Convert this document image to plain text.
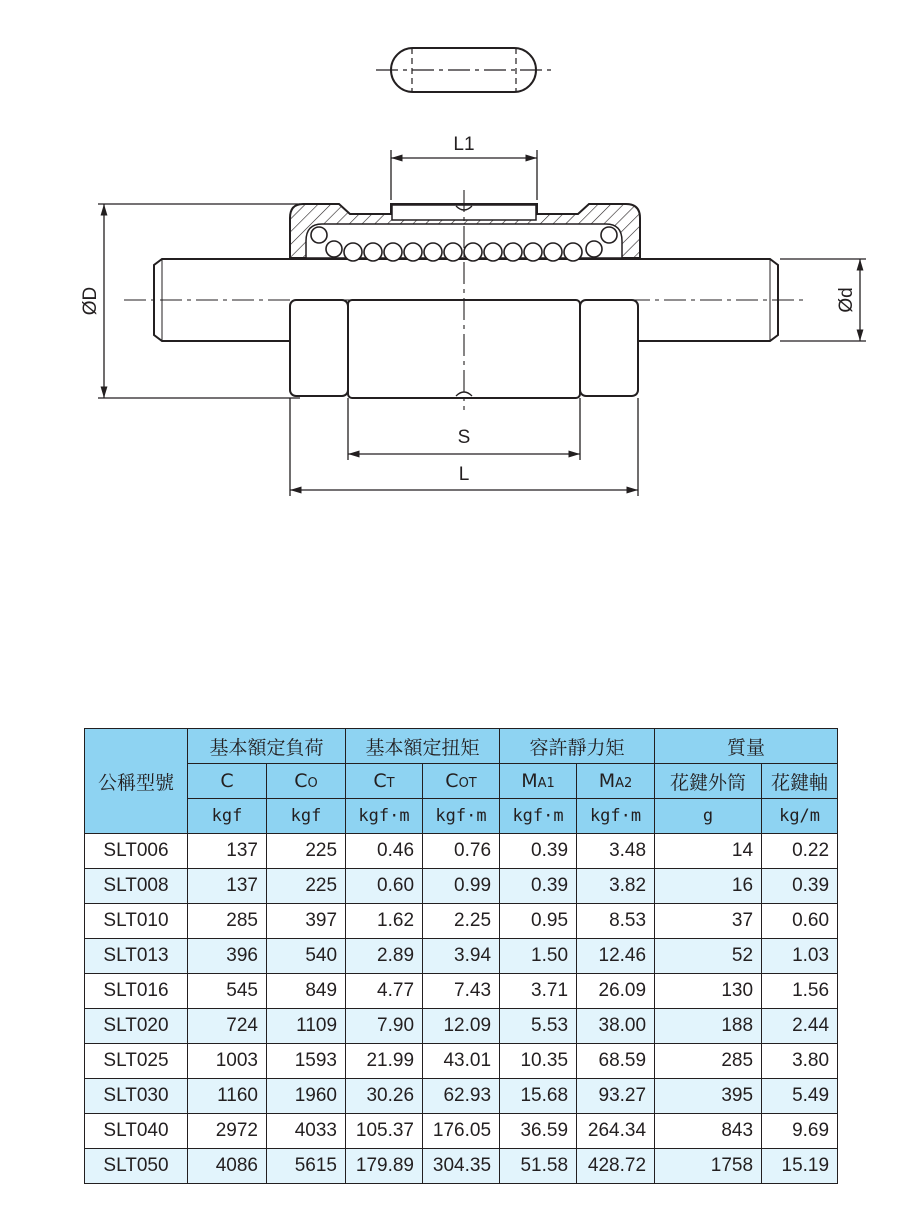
L1
ØD	Ød
S
L
公稱型號	基本額定負荷		基本額定扭矩		容許靜力矩		質量	
	C	CO	CT	COT	MA1	MA2	花鍵外筒	花鍵軸
	kgf	kgf	kgf·m	kgf·m	kgf·m	kgf·m	g	kg/m
SLT006	137	225	0.46	0.76	0.39	3.48	14	0.22
SLT008	137	225	0.60	0.99	0.39	3.82	16	0.39
SLT010	285	397	1.62	2.25	0.95	8.53	37	0.60
SLT013	396	540	2.89	3.94	1.50	12.46	52	1.03
SLT016	545	849	4.77	7.43	3.71	26.09	130	1.56
SLT020	724	1109	7.90	12.09	5.53	38.00	188	2.44
SLT025	1003	1593	21.99	43.01	10.35	68.59	285	3.80
SLT030	1160	1960	30.26	62.93	15.68	93.27	395	5.49
SLT040	2972	4033	105.37	176.05	36.59	264.34	843	9.69
SLT050	4086	5615	179.89	304.35	51.58	428.72	1758	15.19
